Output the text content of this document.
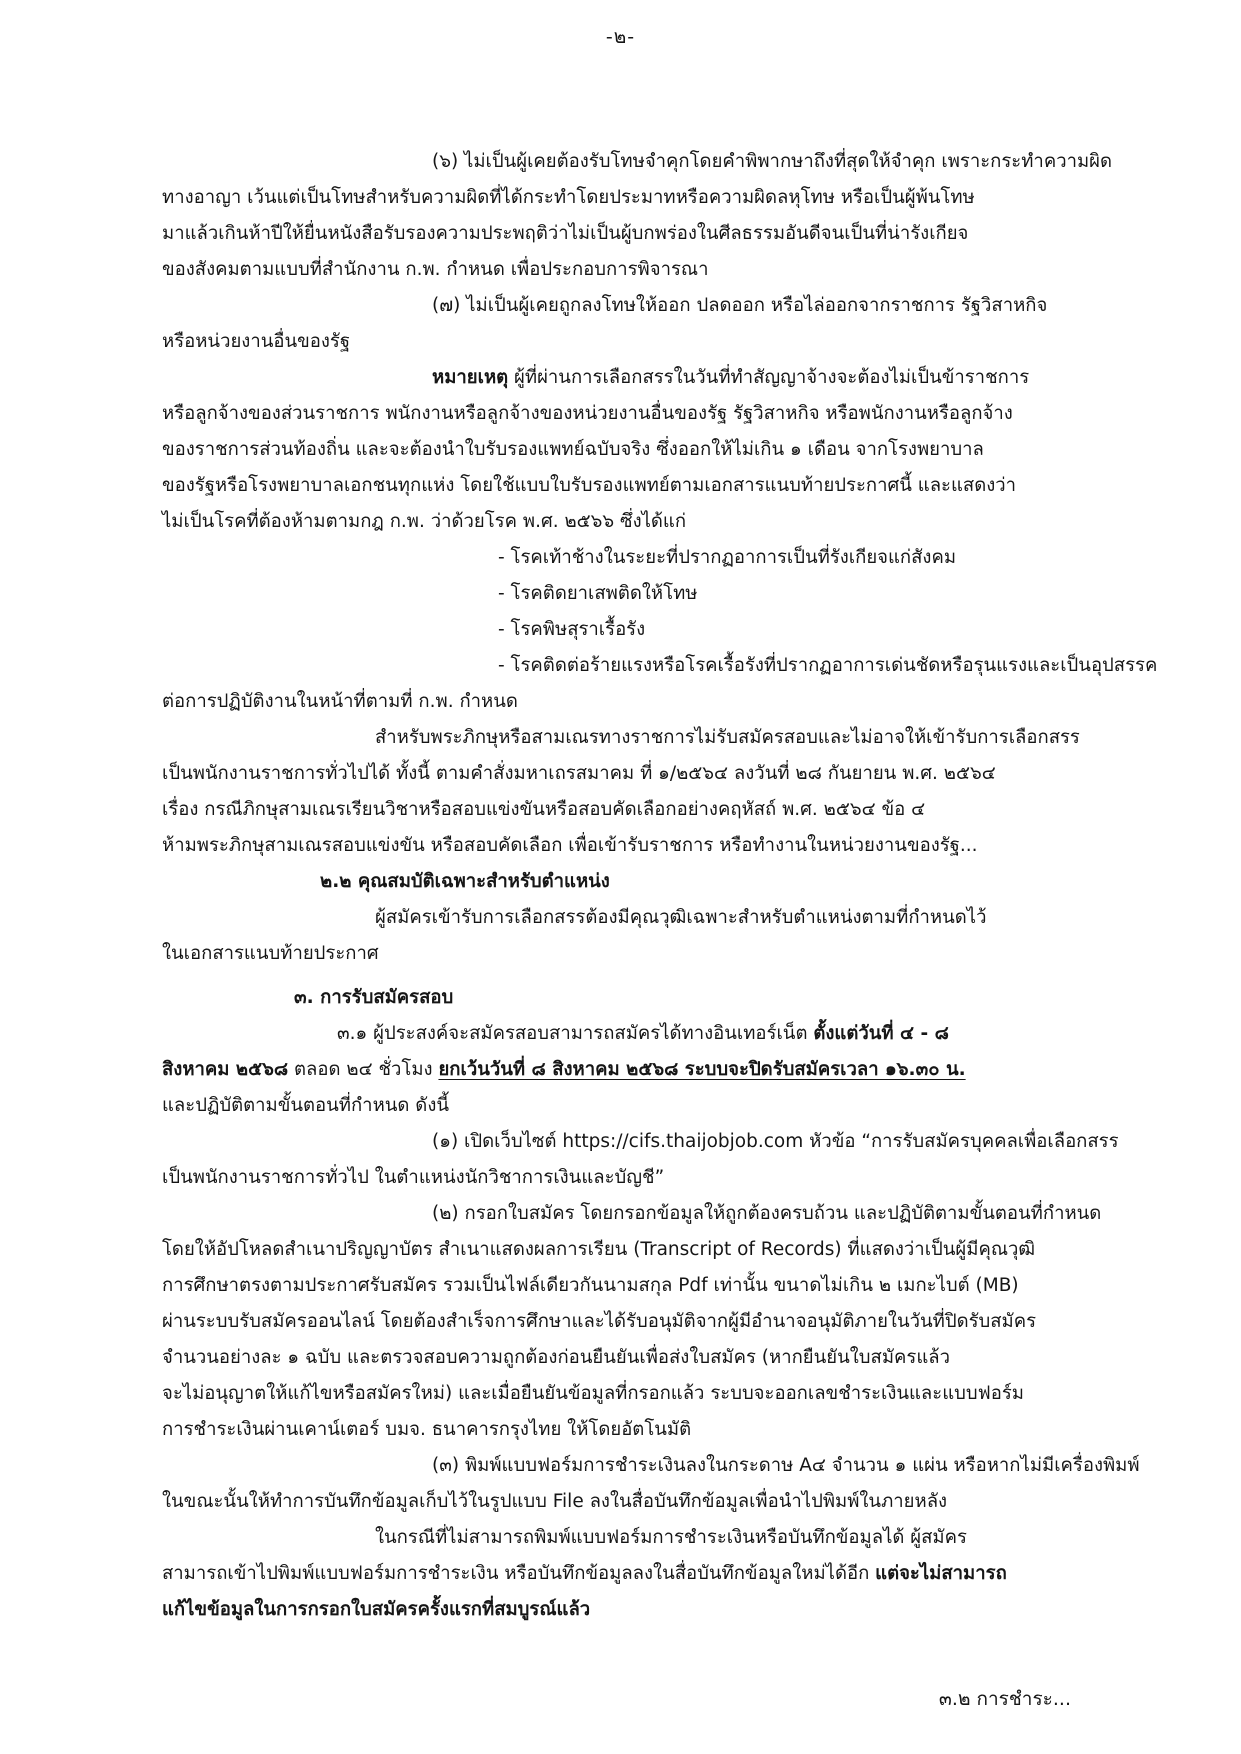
-๒-
(๖) ไม่เป็นผู้เคยต้องรับโทษจำคุกโดยคำพิพากษาถึงที่สุดให้จำคุก เพราะกระทำความผิด
ทางอาญา เว้นแต่เป็นโทษสำหรับความผิดที่ได้กระทำโดยประมาทหรือความผิดลหุโทษ หรือเป็นผู้พ้นโทษ
มาแล้วเกินห้าปีให้ยื่นหนังสือรับรองความประพฤติว่าไม่เป็นผู้บกพร่องในศีลธรรมอันดีจนเป็นที่น่ารังเกียจ
ของสังคมตามแบบที่สำนักงาน ก.พ. กำหนด เพื่อประกอบการพิจารณา
(๗) ไม่เป็นผู้เคยถูกลงโทษให้ออก ปลดออก หรือไล่ออกจากราชการ รัฐวิสาหกิจ
หรือหน่วยงานอื่นของรัฐ
หมายเหตุ ผู้ที่ผ่านการเลือกสรรในวันที่ทำสัญญาจ้างจะต้องไม่เป็นข้าราชการ
หรือลูกจ้างของส่วนราชการ พนักงานหรือลูกจ้างของหน่วยงานอื่นของรัฐ รัฐวิสาหกิจ หรือพนักงานหรือลูกจ้าง
ของราชการส่วนท้องถิ่น และจะต้องนำใบรับรองแพทย์ฉบับจริง ซึ่งออกให้ไม่เกิน ๑ เดือน จากโรงพยาบาล
ของรัฐหรือโรงพยาบาลเอกชนทุกแห่ง โดยใช้แบบใบรับรองแพทย์ตามเอกสารแนบท้ายประกาศนี้ และแสดงว่า
ไม่เป็นโรคที่ต้องห้ามตามกฎ ก.พ. ว่าด้วยโรค พ.ศ. ๒๕๖๖ ซึ่งได้แก่
- โรคเท้าช้างในระยะที่ปรากฏอาการเป็นที่รังเกียจแก่สังคม
- โรคติดยาเสพติดให้โทษ
- โรคพิษสุราเรื้อรัง
- โรคติดต่อร้ายแรงหรือโรคเรื้อรังที่ปรากฏอาการเด่นชัดหรือรุนแรงและเป็นอุปสรรค
ต่อการปฏิบัติงานในหน้าที่ตามที่ ก.พ. กำหนด
สำหรับพระภิกษุหรือสามเณรทางราชการไม่รับสมัครสอบและไม่อาจให้เข้ารับการเลือกสรร
เป็นพนักงานราชการทั่วไปได้ ทั้งนี้ ตามคำสั่งมหาเถรสมาคม ที่ ๑/๒๕๖๔ ลงวันที่ ๒๘ กันยายน พ.ศ. ๒๕๖๔
เรื่อง กรณีภิกษุสามเณรเรียนวิชาหรือสอบแข่งขันหรือสอบคัดเลือกอย่างคฤหัสถ์ พ.ศ. ๒๕๖๔ ข้อ ๔
ห้ามพระภิกษุสามเณรสอบแข่งขัน หรือสอบคัดเลือก เพื่อเข้ารับราชการ หรือทำงานในหน่วยงานของรัฐ...
๒.๒ คุณสมบัติเฉพาะสำหรับตำแหน่ง
ผู้สมัครเข้ารับการเลือกสรรต้องมีคุณวุฒิเฉพาะสำหรับตำแหน่งตามที่กำหนดไว้
ในเอกสารแนบท้ายประกาศ
๓. การรับสมัครสอบ
๓.๑ ผู้ประสงค์จะสมัครสอบสามารถสมัครได้ทางอินเทอร์เน็ต ตั้งแต่วันที่ ๔ - ๘
สิงหาคม ๒๕๖๘ ตลอด ๒๔ ชั่วโมง ยกเว้นวันที่ ๘ สิงหาคม ๒๕๖๘ ระบบจะปิดรับสมัครเวลา ๑๖.๓๐ น.
และปฏิบัติตามขั้นตอนที่กำหนด ดังนี้
(๑) เปิดเว็บไซต์ https://cifs.thaijobjob.com หัวข้อ “การรับสมัครบุคคลเพื่อเลือกสรร
เป็นพนักงานราชการทั่วไป ในตำแหน่งนักวิชาการเงินและบัญชี”
(๒) กรอกใบสมัคร โดยกรอกข้อมูลให้ถูกต้องครบถ้วน และปฏิบัติตามขั้นตอนที่กำหนด
โดยให้อัปโหลดสำเนาปริญญาบัตร สำเนาแสดงผลการเรียน (Transcript of Records) ที่แสดงว่าเป็นผู้มีคุณวุฒิ
การศึกษาตรงตามประกาศรับสมัคร รวมเป็นไฟล์เดียวกันนามสกุล Pdf เท่านั้น ขนาดไม่เกิน ๒ เมกะไบต์ (MB)
ผ่านระบบรับสมัครออนไลน์ โดยต้องสำเร็จการศึกษาและได้รับอนุมัติจากผู้มีอำนาจอนุมัติภายในวันที่ปิดรับสมัคร
จำนวนอย่างละ ๑ ฉบับ และตรวจสอบความถูกต้องก่อนยืนยันเพื่อส่งใบสมัคร (หากยืนยันใบสมัครแล้ว
จะไม่อนุญาตให้แก้ไขหรือสมัครใหม่) และเมื่อยืนยันข้อมูลที่กรอกแล้ว ระบบจะออกเลขชำระเงินและแบบฟอร์ม
การชำระเงินผ่านเคาน์เตอร์ บมจ. ธนาคารกรุงไทย ให้โดยอัตโนมัติ
(๓) พิมพ์แบบฟอร์มการชำระเงินลงในกระดาษ A๔ จำนวน ๑ แผ่น หรือหากไม่มีเครื่องพิมพ์
ในขณะนั้นให้ทำการบันทึกข้อมูลเก็บไว้ในรูปแบบ File ลงในสื่อบันทึกข้อมูลเพื่อนำไปพิมพ์ในภายหลัง
ในกรณีที่ไม่สามารถพิมพ์แบบฟอร์มการชำระเงินหรือบันทึกข้อมูลได้ ผู้สมัคร
สามารถเข้าไปพิมพ์แบบฟอร์มการชำระเงิน หรือบันทึกข้อมูลลงในสื่อบันทึกข้อมูลใหม่ได้อีก แต่จะไม่สามารถ
แก้ไขข้อมูลในการกรอกใบสมัครครั้งแรกที่สมบูรณ์แล้ว
๓.๒ การชำระ...
